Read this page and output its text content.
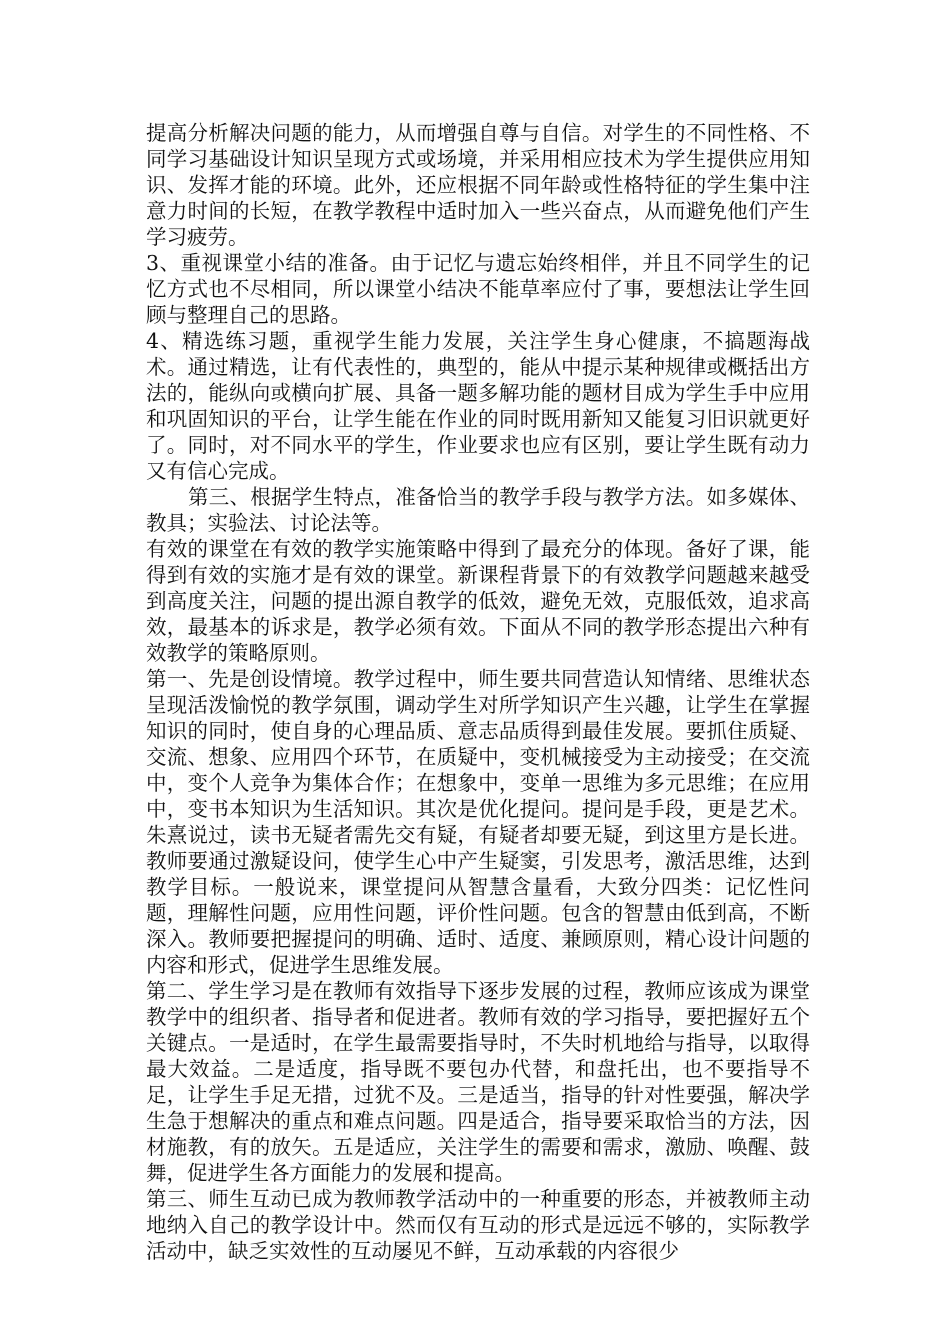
提高分析解决问题的能力，从而增强自尊与自信。对学生的不同性格、不同学习基础设计知识呈现方式或场境，并采用相应技术为学生提供应用知识、发挥才能的环境。此外，还应根据不同年龄或性格特征的学生集中注意力时间的长短，在教学教程中适时加入一些兴奋点，从而避免他们产生学习疲劳。

3、重视课堂小结的准备。由于记忆与遗忘始终相伴，并且不同学生的记忆方式也不尽相同，所以课堂小结决不能草率应付了事，要想法让学生回顾与整理自己的思路。

4、精选练习题，重视学生能力发展，关注学生身心健康，不搞题海战术。通过精选，让有代表性的，典型的，能从中提示某种规律或概括出方法的，能纵向或横向扩展、具备一题多解功能的题材目成为学生手中应用和巩固知识的平台，让学生能在作业的同时既用新知又能复习旧识就更好了。同时，对不同水平的学生，作业要求也应有区别，要让学生既有动力又有信心完成。

第三、根据学生特点，准备恰当的教学手段与教学方法。如多媒体、教具；实验法、讨论法等。

有效的课堂在有效的教学实施策略中得到了最充分的体现。备好了课，能得到有效的实施才是有效的课堂。新课程背景下的有效教学问题越来越受到高度关注，问题的提出源自教学的低效，避免无效，克服低效，追求高效，最基本的诉求是，教学必须有效。下面从不同的教学形态提出六种有效教学的策略原则。

第一、先是创设情境。教学过程中，师生要共同营造认知情绪、思维状态呈现活泼愉悦的教学氛围，调动学生对所学知识产生兴趣，让学生在掌握知识的同时，使自身的心理品质、意志品质得到最佳发展。要抓住质疑、交流、想象、应用四个环节，在质疑中，变机械接受为主动接受；在交流中，变个人竞争为集体合作；在想象中，变单一思维为多元思维；在应用中，变书本知识为生活知识。其次是优化提问。提问是手段，更是艺术。朱熹说过，读书无疑者需先交有疑，有疑者却要无疑，到这里方是长进。教师要通过激疑设问，使学生心中产生疑窦，引发思考，激活思维，达到教学目标。一般说来，课堂提问从智慧含量看，大致分四类：记忆性问题，理解性问题，应用性问题，评价性问题。包含的智慧由低到高，不断深入。教师要把握提问的明确、适时、适度、兼顾原则，精心设计问题的内容和形式，促进学生思维发展。

第二、学生学习是在教师有效指导下逐步发展的过程，教师应该成为课堂教学中的组织者、指导者和促进者。教师有效的学习指导，要把握好五个关键点。一是适时，在学生最需要指导时，不失时机地给与指导，以取得最大效益。二是适度，指导既不要包办代替，和盘托出，也不要指导不足，让学生手足无措，过犹不及。三是适当，指导的针对性要强，解决学生急于想解决的重点和难点问题。四是适合，指导要采取恰当的方法，因材施教，有的放矢。五是适应，关注学生的需要和需求，激励、唤醒、鼓舞，促进学生各方面能力的发展和提高。

第三、师生互动已成为教师教学活动中的一种重要的形态，并被教师主动地纳入自己的教学设计中。然而仅有互动的形式是远远不够的，实际教学活动中，缺乏实效性的互动屡见不鲜，互动承载的内容很少
